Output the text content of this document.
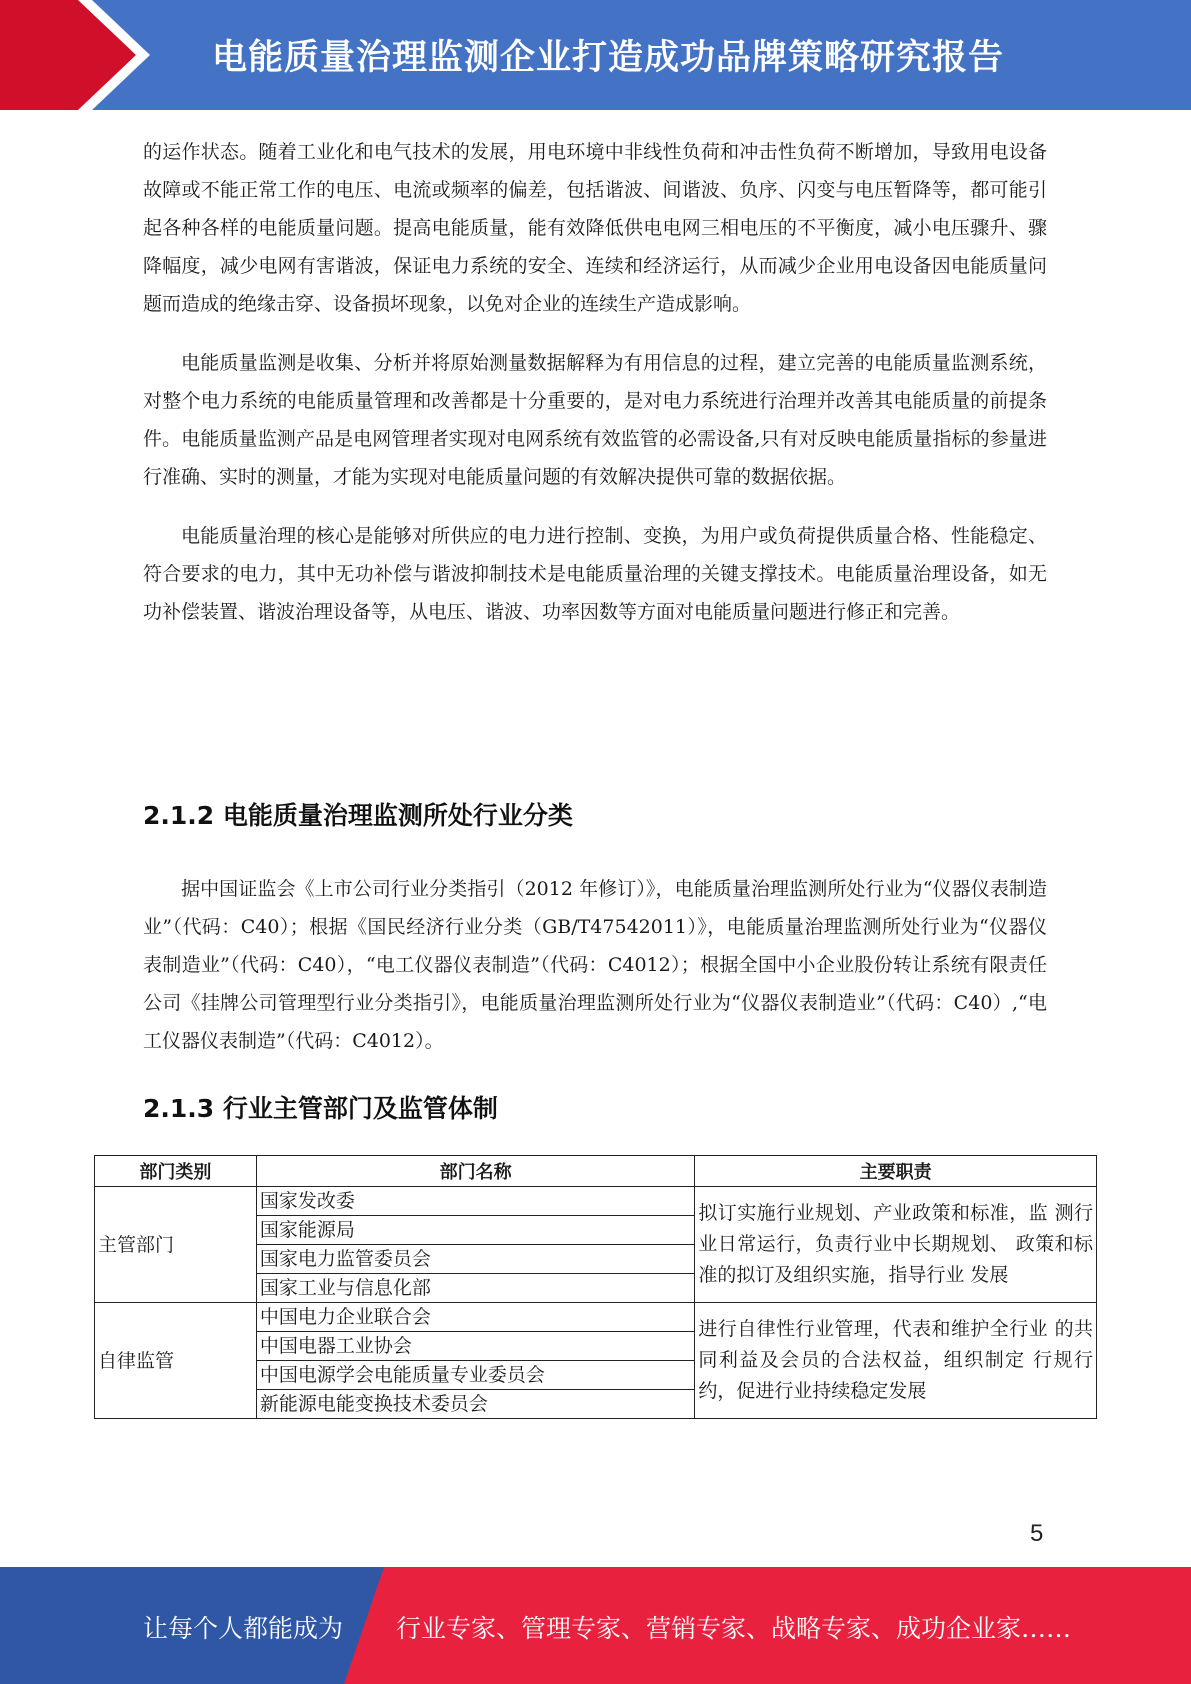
电能质量治理监测企业打造成功品牌策略研究报告

的运作状态。随着工业化和电气技术的发展，用电环境中非线性负荷和冲击性负荷不断增加，导致用电设备故障或不能正常工作的电压、电流或频率的偏差，包括谐波、间谐波、负序、闪变与电压暂降等，都可能引起各种各样的电能质量问题。提高电能质量，能有效降低供电电网三相电压的不平衡度，减小电压骤升、骤降幅度，减少电网有害谐波，保证电力系统的安全、连续和经济运行，从而减少企业用电设备因电能质量问题而造成的绝缘击穿、设备损坏现象，以免对企业的连续生产造成影响。

电能质量监测是收集、分析并将原始测量数据解释为有用信息的过程，建立完善的电能质量监测系统，对整个电力系统的电能质量管理和改善都是十分重要的，是对电力系统进行治理并改善其电能质量的前提条件。电能质量监测产品是电网管理者实现对电网系统有效监管的必需设备,只有对反映电能质量指标的参量进行准确、实时的测量，才能为实现对电能质量问题的有效解决提供可靠的数据依据。

电能质量治理的核心是能够对所供应的电力进行控制、变换，为用户或负荷提供质量合格、性能稳定、符合要求的电力，其中无功补偿与谐波抑制技术是电能质量治理的关键支撑技术。电能质量治理设备，如无功补偿装置、谐波治理设备等，从电压、谐波、功率因数等方面对电能质量问题进行修正和完善。

2.1.2 电能质量治理监测所处行业分类

据中国证监会《上市公司行业分类指引（2012 年修订）》，电能质量治理监测所处行业为“仪器仪表制造业”（代码：C40）；根据《国民经济行业分类（GB/T47542011）》，电能质量治理监测所处行业为“仪器仪表制造业”（代码：C40），“电工仪器仪表制造”（代码：C4012）；根据全国中小企业股份转让系统有限责任公司《挂牌公司管理型行业分类指引》，电能质量治理监测所处行业为“仪器仪表制造业”（代码：C40）,“电工仪器仪表制造”（代码：C4012）。

2.1.3 行业主管部门及监管体制
部门类别	部门名称	主要职责
主管部门	国家发改委	拟订实施行业规划、产业政策和标准，监 测行业日常运行，负责行业中长期规划、 政策和标准的拟订及组织实施，指导行业 发展
	国家能源局	
	国家电力监管委员会	
	国家工业与信息化部	
自律监管	中国电力企业联合会	进行自律性行业管理，代表和维护全行业 的共同利益及会员的合法权益，组织制定 行规行约，促进行业持续稳定发展
	中国电器工业协会	
	中国电源学会电能质量专业委员会	
	新能源电能变换技术委员会	
5
让每个人都能成为 行业专家、管理专家、营销专家、战略专家、成功企业家……
